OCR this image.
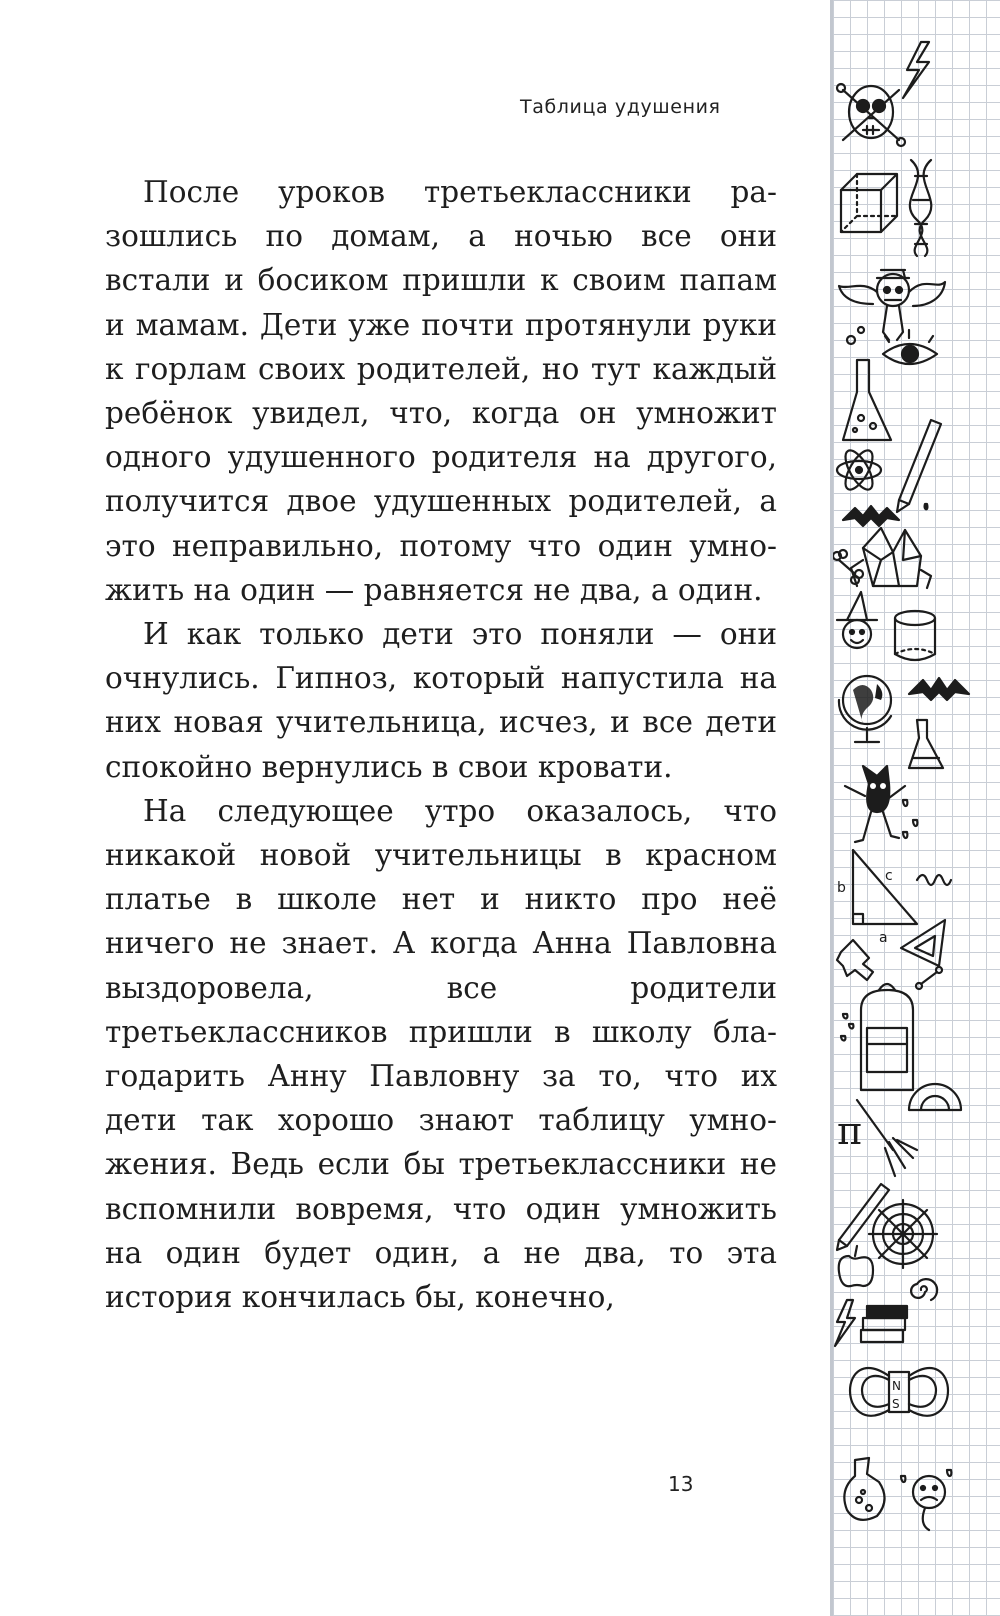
Таблица удушения

После уроков третьеклассники разошлись по домам, а ночью все они встали и босиком пришли к своим папам и мамам. Дети уже почти протянули руки к горлам своих родителей, но тут каждый ребёнок увидел, что, когда он умножит одного удушенного родителя на другого, получится двое удушенных родителей, а это неправильно, потому что один умножить на один — равняется не два, а один.

И как только дети это поняли — они очнулись. Гипноз, который напустила на них новая учительница, исчез, и все дети спокойно вернулись в свои кровати.

На следующее утро оказалось, что никакой новой учительницы в красном платье в школе нет и никто про неё ничего не знает. А когда Анна Павловна выздоровела, все родители третьеклассников пришли в школу благодарить Анну Павловну за то, что их дети так хорошо знают таблицу умножения. Ведь если бы третьеклассники не вспомнили вовремя, что один умножить на один будет один, а не два, то эта история кончилась бы, конечно,

13
b
c
a
π
N
S
